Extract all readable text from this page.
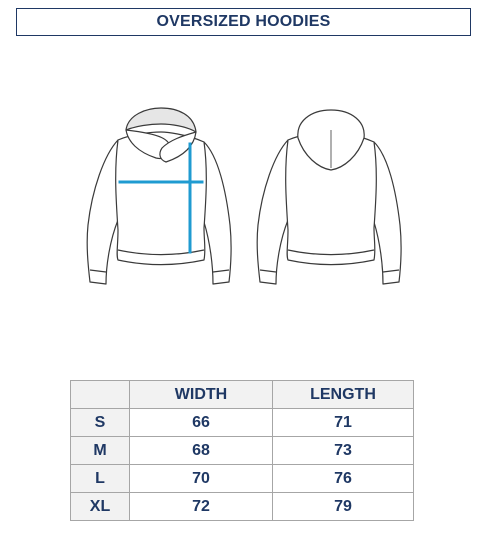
OVERSIZED HOODIES
	WIDTH	LENGTH
S	66	71
M	68	73
L	70	76
XL	72	79
